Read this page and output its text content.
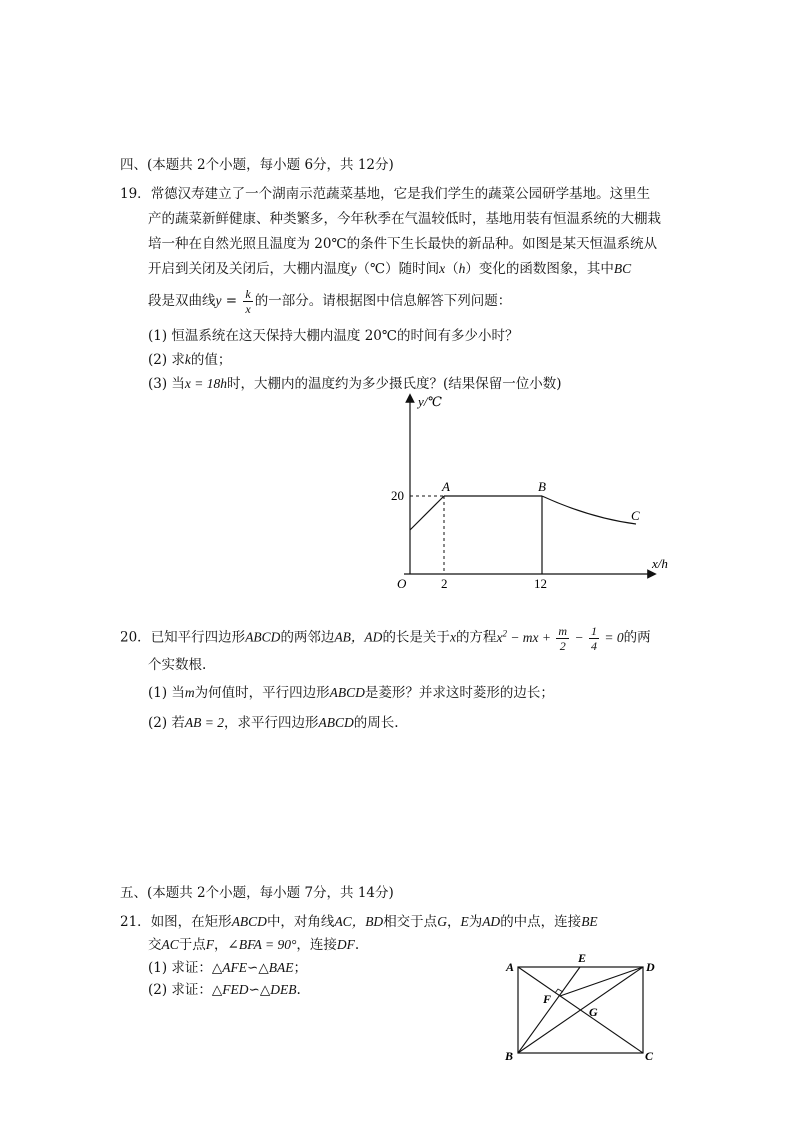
四、(本题共 2个小题，每小题 6分，共 12分)
19．常德汉寿建立了一个湖南示范蔬菜基地，它是我们学生的蔬菜公园研学基地。这里生
产的蔬菜新鲜健康、种类繁多，今年秋季在气温较低时，基地用装有恒温系统的大棚栽
培一种在自然光照且温度为 20℃的条件下生长最快的新品种。如图是某天恒温系统从
开启到关闭及关闭后，大棚内温度y（℃）随时间x（h）变化的函数图象，其中BC
段是双曲线$y = \frac{k}{x}$ 的一部分。请根据图中信息解答下列问题：
(1) 恒温系统在这天保持大棚内温度 20℃的时间有多少小时？
(2) 求k的值；
(3) 当x = 18h时，大棚内的温度约为多少摄氏度？(结果保留一位小数)
y/℃
x/h
O
20
2	12
A	B
C
20．已知平行四边形ABCD的两邻边AB，AD的长是关于x的方程$x^2$ − mx + $\frac{m}{2} - \frac{1}{4} = 0$的两
个实数根.
(1) 当m为何值时，平行四边形ABCD是菱形？并求这时菱形的边长；
(2) 若AB = 2，求平行四边形ABCD的周长.
五、(本题共 2个小题，每小题 7分，共 14分)
21．如图，在矩形ABCD中，对角线AC，BD相交于点G，E为AD的中点，连接BE
交AC于点F，∠BFA = 90°，连接DF.
(1) 求证：△AFE∽△BAE；
(2) 求证：△FED∽△DEB.
A	D
B	C
E
F
G
